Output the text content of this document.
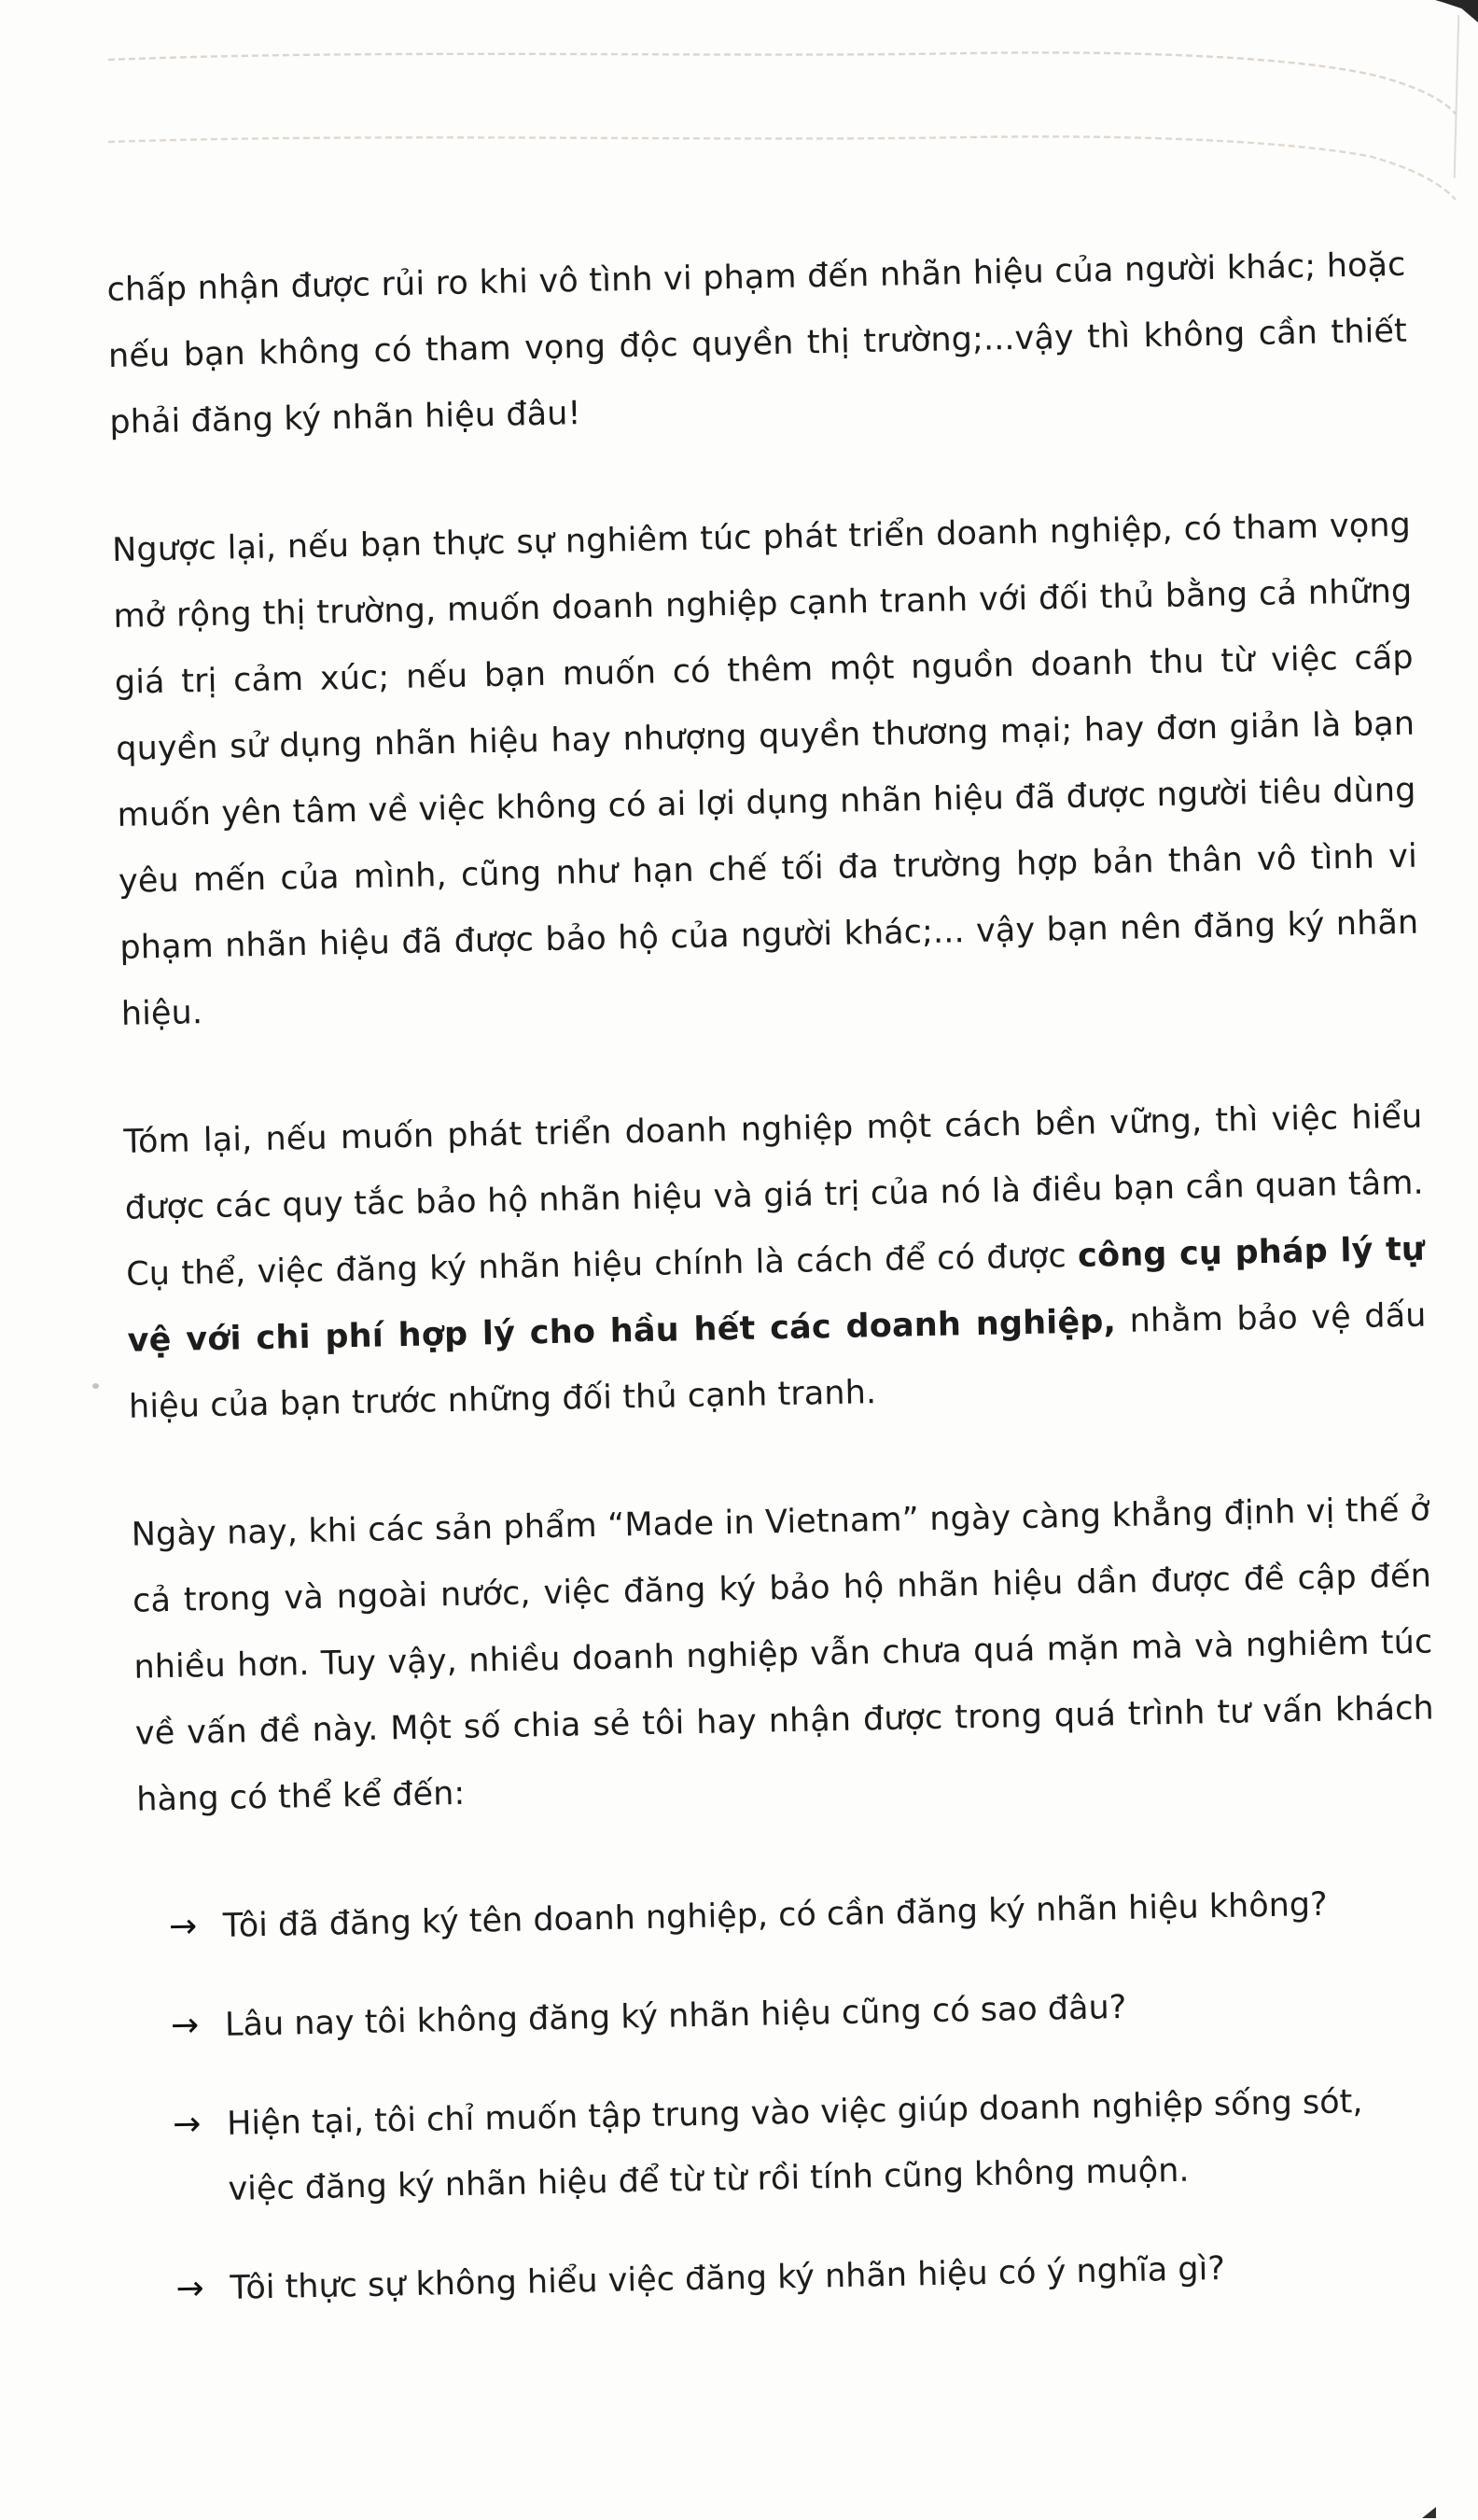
chấp nhận được rủi ro khi vô tình vi phạm đến nhãn hiệu của người khác; hoặc nếu bạn không có tham vọng độc quyền thị trường;...vậy thì không cần thiết phải đăng ký nhãn hiệu đâu!

Ngược lại, nếu bạn thực sự nghiêm túc phát triển doanh nghiệp, có tham vọng mở rộng thị trường, muốn doanh nghiệp cạnh tranh với đối thủ bằng cả những giá trị cảm xúc; nếu bạn muốn có thêm một nguồn doanh thu từ việc cấp quyền sử dụng nhãn hiệu hay nhượng quyền thương mại; hay đơn giản là bạn muốn yên tâm về việc không có ai lợi dụng nhãn hiệu đã được người tiêu dùng yêu mến của mình, cũng như hạn chế tối đa trường hợp bản thân vô tình vi phạm nhãn hiệu đã được bảo hộ của người khác;... vậy bạn nên đăng ký nhãn hiệu.

Tóm lại, nếu muốn phát triển doanh nghiệp một cách bền vững, thì việc hiểu được các quy tắc bảo hộ nhãn hiệu và giá trị của nó là điều bạn cần quan tâm. Cụ thể, việc đăng ký nhãn hiệu chính là cách để có được công cụ pháp lý tự vệ với chi phí hợp lý cho hầu hết các doanh nghiệp, nhằm bảo vệ dấu hiệu của bạn trước những đối thủ cạnh tranh.

Ngày nay, khi các sản phẩm “Made in Vietnam” ngày càng khẳng định vị thế ở cả trong và ngoài nước, việc đăng ký bảo hộ nhãn hiệu dần được đề cập đến nhiều hơn. Tuy vậy, nhiều doanh nghiệp vẫn chưa quá mặn mà và nghiêm túc về vấn đề này. Một số chia sẻ tôi hay nhận được trong quá trình tư vấn khách hàng có thể kể đến:

→ Tôi đã đăng ký tên doanh nghiệp, có cần đăng ký nhãn hiệu không?
→ Lâu nay tôi không đăng ký nhãn hiệu cũng có sao đâu?
→ Hiện tại, tôi chỉ muốn tập trung vào việc giúp doanh nghiệp sống sót, việc đăng ký nhãn hiệu để từ từ rồi tính cũng không muộn.
→ Tôi thực sự không hiểu việc đăng ký nhãn hiệu có ý nghĩa gì?
